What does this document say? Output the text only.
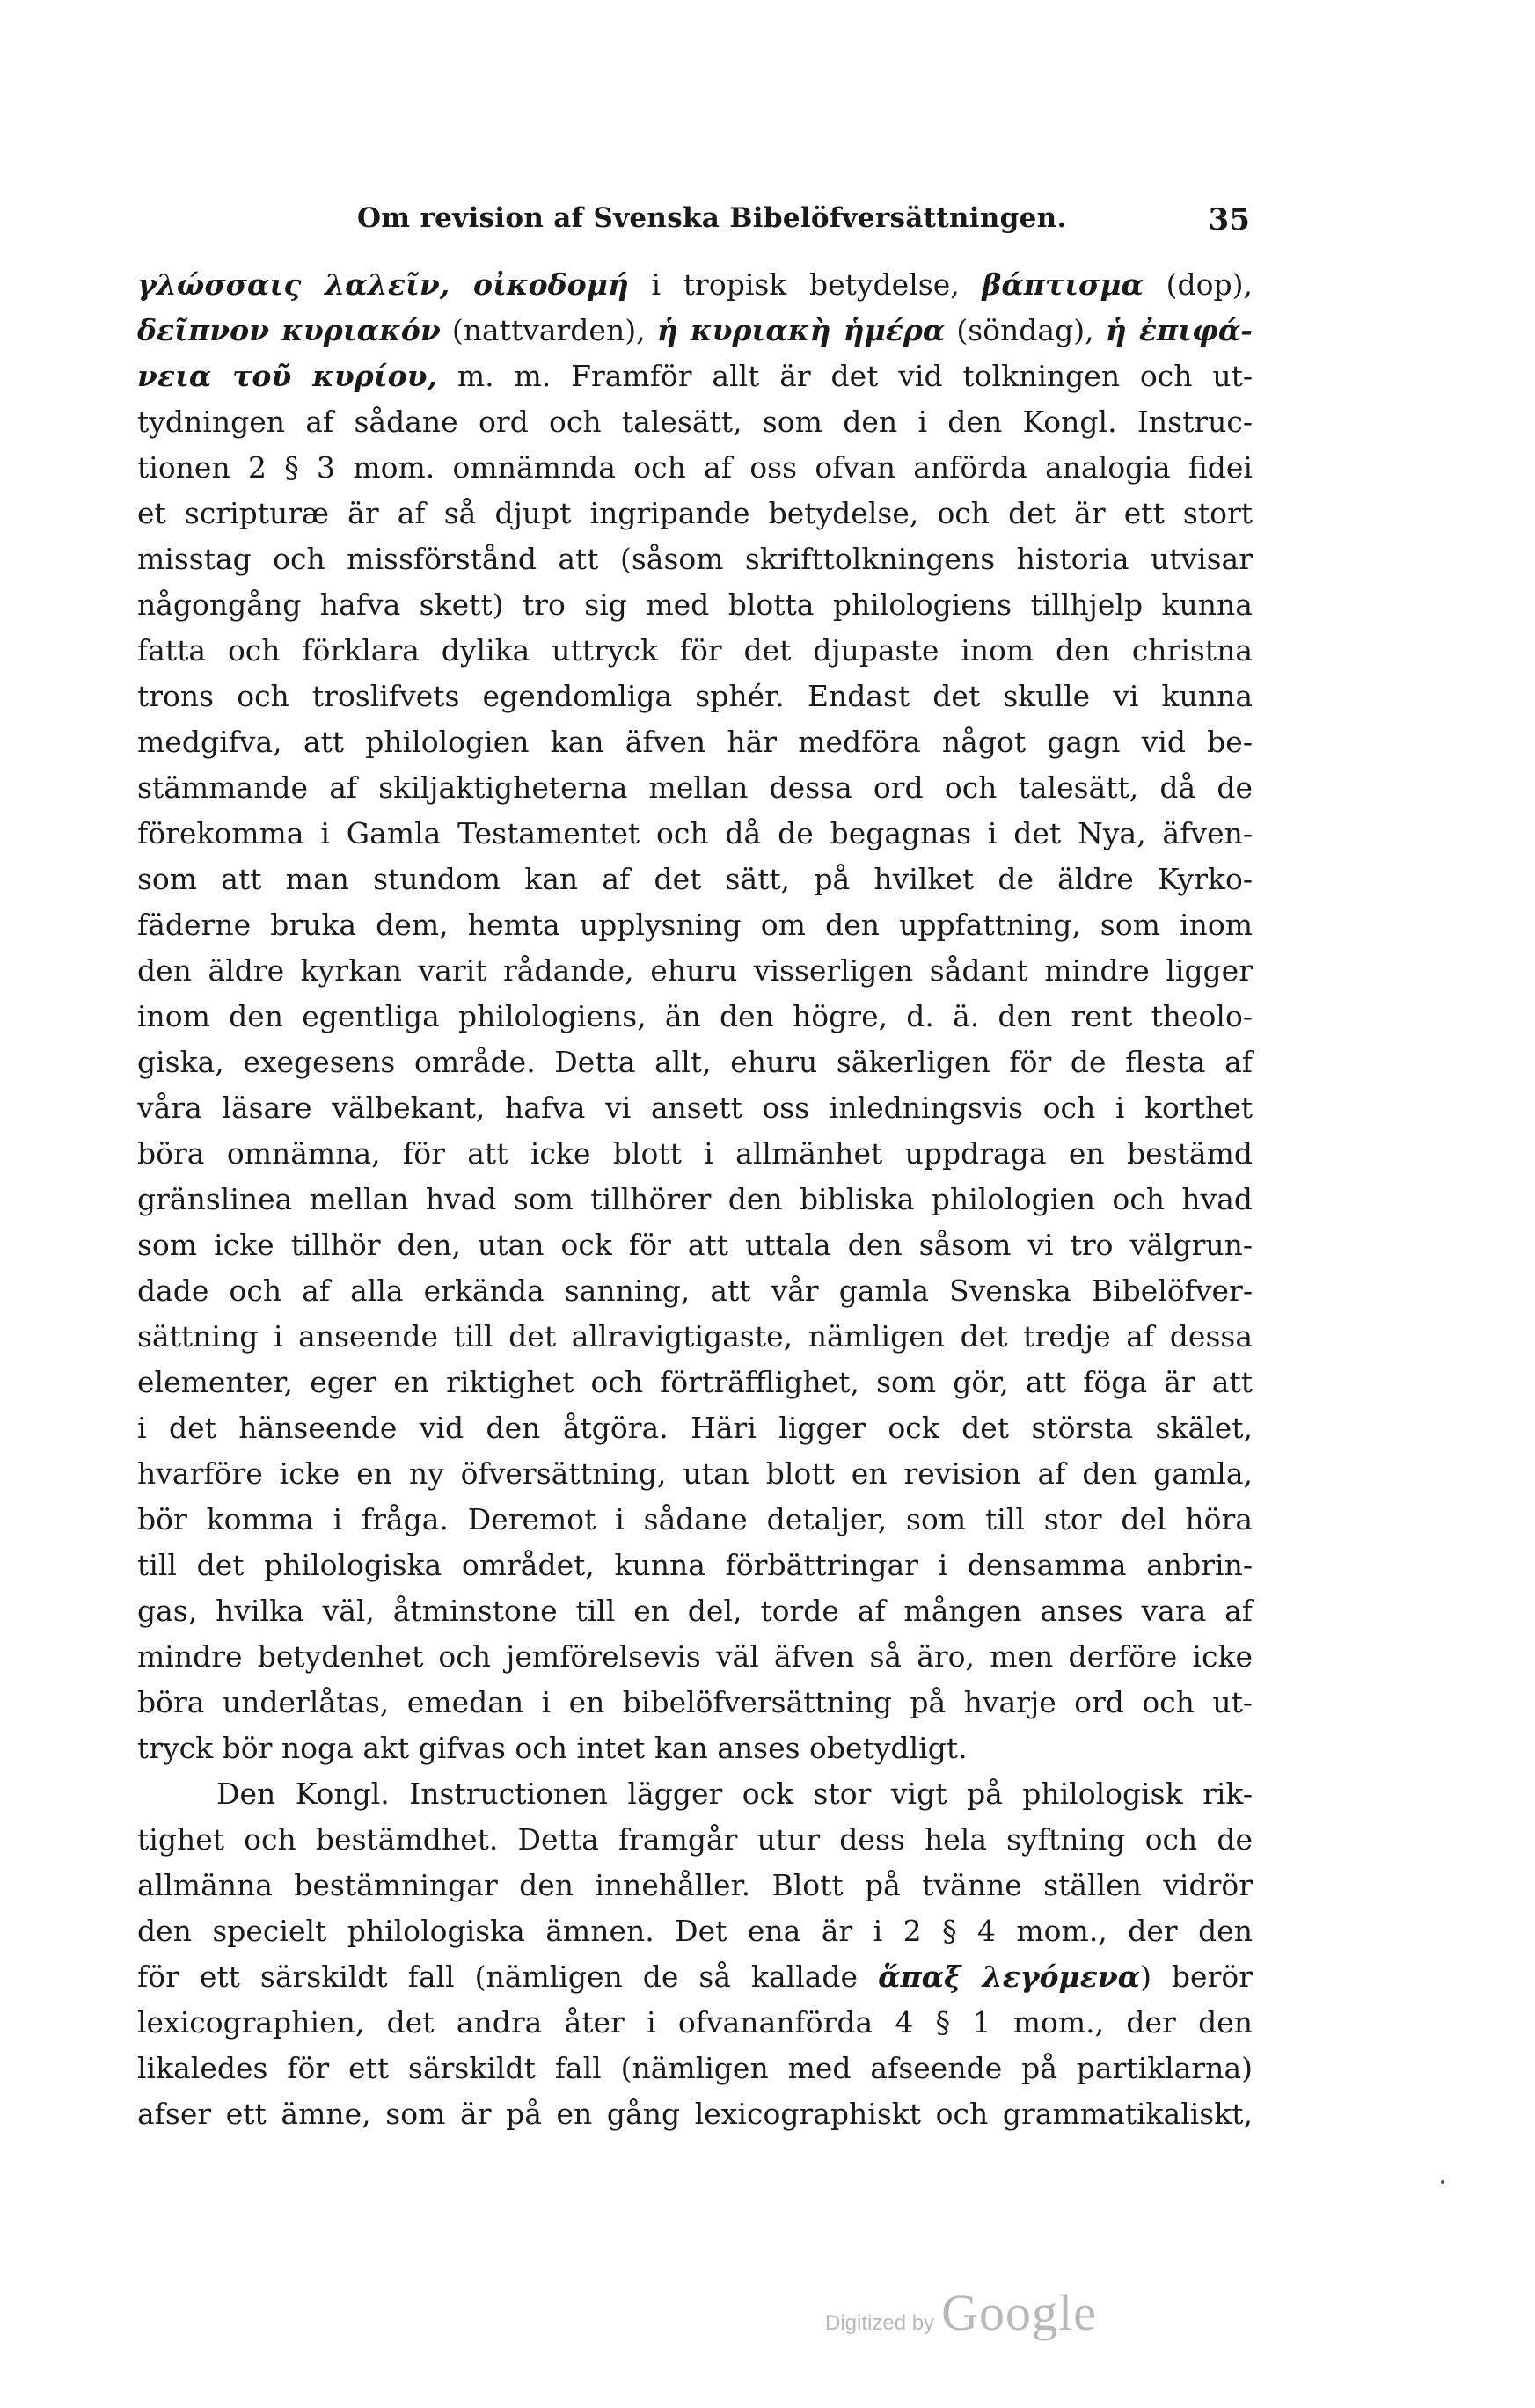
Om revision af Svenska Bibelöfversättningen.	35
γλώσσαις λαλεῖν, οἰκοδομή i tropisk betydelse, βάπτισμα (dop),
δεῖπνον κυριακόν (nattvarden), ἡ κυριακὴ ἡμέρα (söndag), ἡ ἐπιφά-
νεια τοῦ κυρίου, m. m. Framför allt är det vid tolkningen och ut-
tydningen af sådane ord och talesätt, som den i den Kongl. Instruc-
tionen 2 § 3 mom. omnämnda och af oss ofvan anförda analogia fidei
et scripturæ är af så djupt ingripande betydelse, och det är ett stort
misstag och missförstånd att (såsom skrifttolkningens historia utvisar
någongång hafva skett) tro sig med blotta philologiens tillhjelp kunna
fatta och förklara dylika uttryck för det djupaste inom den christna
trons och troslifvets egendomliga sphér. Endast det skulle vi kunna
medgifva, att philologien kan äfven här medföra något gagn vid be-
stämmande af skiljaktigheterna mellan dessa ord och talesätt, då de
förekomma i Gamla Testamentet och då de begagnas i det Nya, äfven-
som att man stundom kan af det sätt, på hvilket de äldre Kyrko-
fäderne bruka dem, hemta upplysning om den uppfattning, som inom
den äldre kyrkan varit rådande, ehuru visserligen sådant mindre ligger
inom den egentliga philologiens, än den högre, d. ä. den rent theolo-
giska, exegesens område. Detta allt, ehuru säkerligen för de flesta af
våra läsare välbekant, hafva vi ansett oss inledningsvis och i korthet
böra omnämna, för att icke blott i allmänhet uppdraga en bestämd
gränslinea mellan hvad som tillhörer den bibliska philologien och hvad
som icke tillhör den, utan ock för att uttala den såsom vi tro välgrun-
dade och af alla erkända sanning, att vår gamla Svenska Bibelöfver-
sättning i anseende till det allravigtigaste, nämligen det tredje af dessa
elementer, eger en riktighet och förträfflighet, som gör, att föga är att
i det hänseende vid den åtgöra. Häri ligger ock det största skälet,
hvarföre icke en ny öfversättning, utan blott en revision af den gamla,
bör komma i fråga. Deremot i sådane detaljer, som till stor del höra
till det philologiska området, kunna förbättringar i densamma anbrin-
gas, hvilka väl, åtminstone till en del, torde af mången anses vara af
mindre betydenhet och jemförelsevis väl äfven så äro, men derföre icke
böra underlåtas, emedan i en bibelöfversättning på hvarje ord och ut-
tryck bör noga akt gifvas och intet kan anses obetydligt.
Den Kongl. Instructionen lägger ock stor vigt på philologisk rik-
tighet och bestämdhet. Detta framgår utur dess hela syftning och de
allmänna bestämningar den innehåller. Blott på tvänne ställen vidrör
den specielt philologiska ämnen. Det ena är i 2 § 4 mom., der den
för ett särskildt fall (nämligen de så kallade ἅπαξ λεγόμενα) berör
lexicographien, det andra åter i ofvananförda 4 § 1 mom., der den
likaledes för ett särskildt fall (nämligen med afseende på partiklarna)
afser ett ämne, som är på en gång lexicographiskt och grammatikaliskt,
Digitized by Google
